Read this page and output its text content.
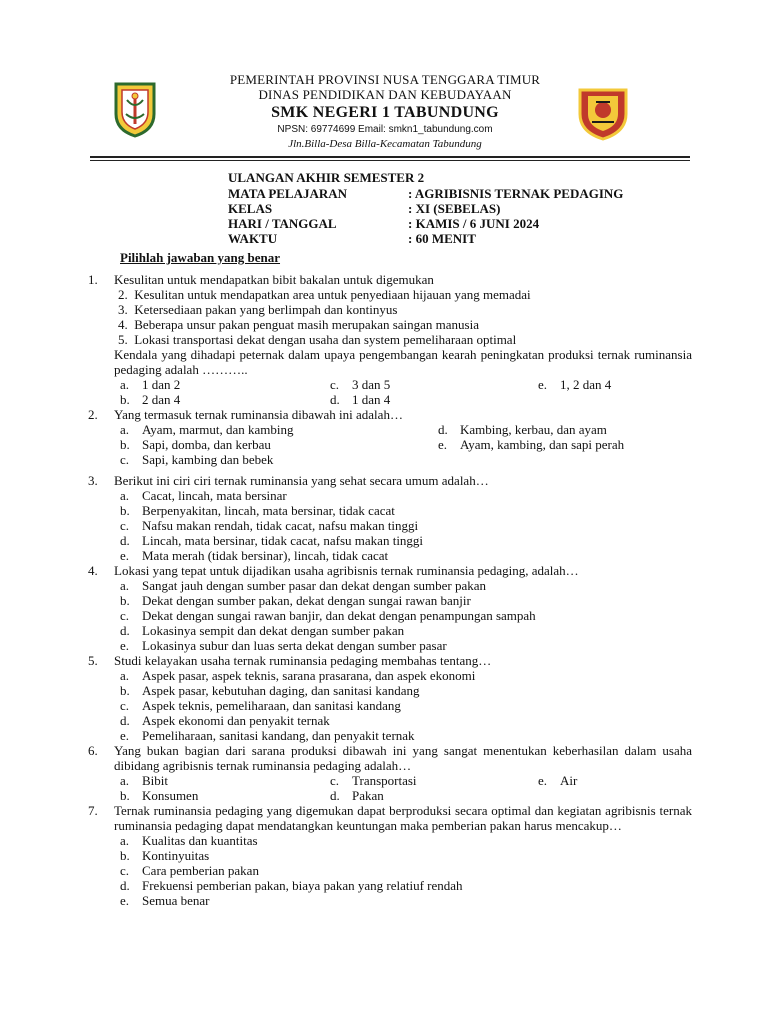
PEMERINTAH PROVINSI NUSA TENGGARA TIMUR
DINAS PENDIDIKAN DAN KEBUDAYAAN
SMK NEGERI 1 TABUNDUNG
NPSN: 69774699 Email: smkn1_tabundung.com
Jln.Billa-Desa Billa-Kecamatan Tabundung
ULANGAN AKHIR SEMESTER 2
MATA PELAJARAN	: AGRIBISNIS TERNAK PEDAGING
KELAS	: XI (SEBELAS)
HARI / TANGGAL	: KAMIS / 6 JUNI 2024
WAKTU	: 60 MENIT
Pilihlah jawaban yang benar
1. Kesulitan untuk mendapatkan bibit bakalan untuk digemukan
2. Kesulitan untuk mendapatkan area untuk penyediaan hijauan yang memadai
3. Ketersediaan pakan yang berlimpah dan kontinyus
4. Beberapa unsur pakan penguat masih merupakan saingan manusia
5. Lokasi transportasi dekat dengan usaha dan system pemeliharaan optimal
Kendala yang dihadapi peternak dalam upaya pengembangan kearah peningkatan produksi ternak ruminansia pedaging adalah ………..
a. 1 dan 2	c. 3 dan 5	e. 1, 2 dan 4
b. 2 dan 4	d. 1 dan 4
2. Yang termasuk ternak ruminansia dibawah ini adalah…
a. Ayam, marmut, dan kambing	d. Kambing, kerbau, dan ayam
b. Sapi, domba, dan kerbau	e. Ayam, kambing, dan sapi perah
c. Sapi, kambing dan bebek
3. Berikut ini ciri ciri ternak ruminansia yang sehat secara umum adalah…
a. Cacat, lincah, mata bersinar
b. Berpenyakitan, lincah, mata bersinar, tidak cacat
c. Nafsu makan rendah, tidak cacat, nafsu makan tinggi
d. Lincah, mata bersinar, tidak cacat, nafsu makan tinggi
e. Mata merah (tidak bersinar), lincah, tidak cacat
4. Lokasi yang tepat untuk dijadikan usaha agribisnis ternak ruminansia pedaging, adalah…
a. Sangat jauh dengan sumber pasar dan dekat dengan sumber pakan
b. Dekat dengan sumber pakan, dekat dengan sungai rawan banjir
c. Dekat dengan sungai rawan banjir, dan dekat dengan penampungan sampah
d. Lokasinya sempit dan dekat dengan sumber pakan
e. Lokasinya subur dan luas serta dekat dengan sumber pasar
5. Studi kelayakan usaha ternak ruminansia pedaging membahas tentang…
a. Aspek pasar, aspek teknis, sarana prasarana, dan aspek ekonomi
b. Aspek pasar, kebutuhan daging, dan sanitasi kandang
c. Aspek teknis, pemeliharaan, dan sanitasi kandang
d. Aspek ekonomi dan penyakit ternak
e. Pemeliharaan, sanitasi kandang, dan penyakit ternak
6. Yang bukan bagian dari sarana produksi dibawah ini yang sangat menentukan keberhasilan dalam usaha dibidang agribisnis ternak ruminansia pedaging adalah…
a. Bibit	c. Transportasi	e. Air
b. Konsumen	d. Pakan
7. Ternak ruminansia pedaging yang digemukan dapat berproduksi secara optimal dan kegiatan agribisnis ternak ruminansia pedaging dapat mendatangkan keuntungan maka pemberian pakan harus mencakup…
a. Kualitas dan kuantitas
b. Kontinyuitas
c. Cara pemberian pakan
d. Frekuensi pemberian pakan, biaya pakan yang relatiuf rendah
e. Semua benar
